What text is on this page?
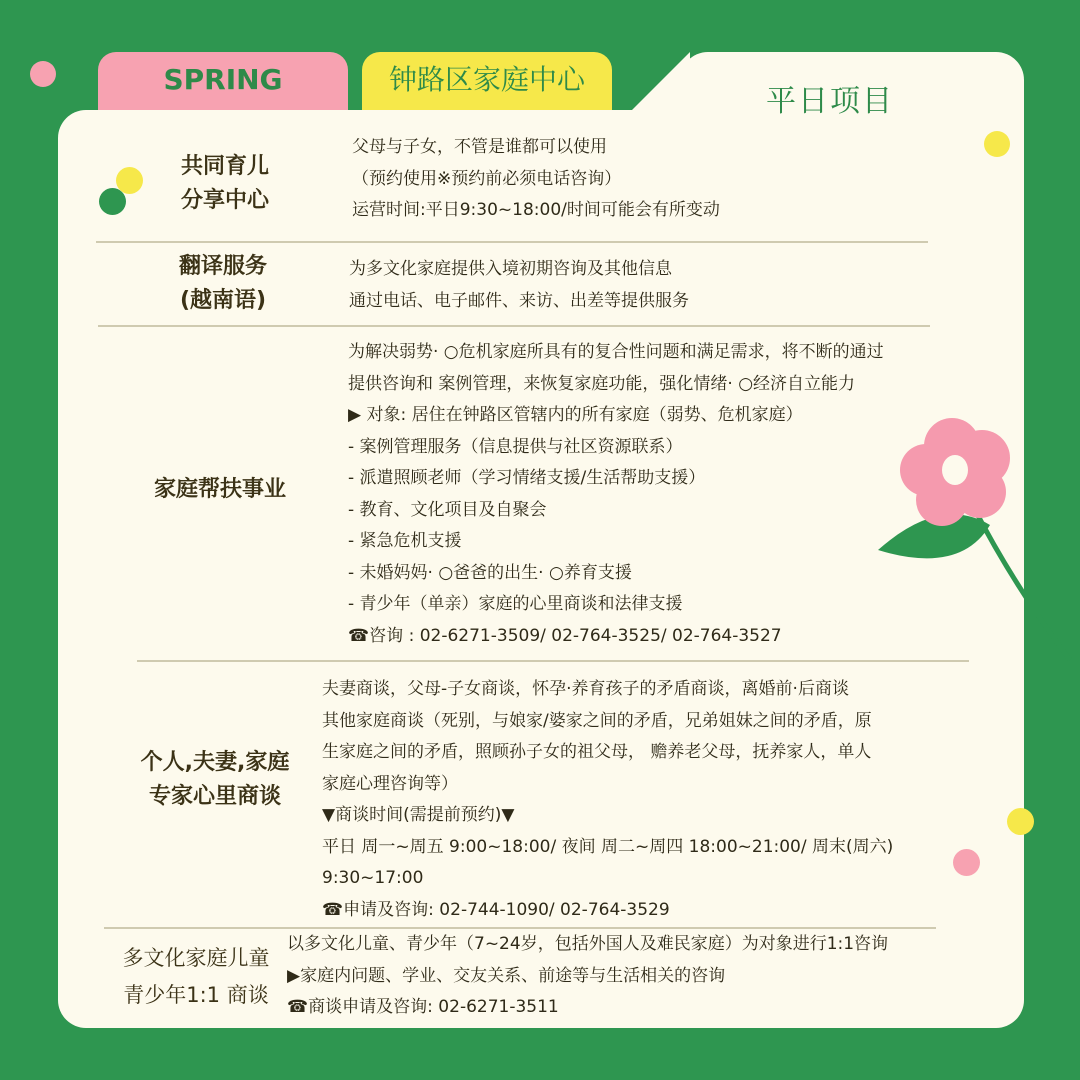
SPRING	钟路区家庭中心
平日项目
共同育儿
分享中心
父母与子女，不管是谁都可以使用
（预约使用※预约前必须电话咨询）
运营时间:平日9:30~18:00/时间可能会有所变动
翻译服务
(越南语)
为多文化家庭提供入境初期咨询及其他信息
通过电话、电子邮件、来访、出差等提供服务
家庭帮扶事业
为解决弱势· ○危机家庭所具有的复合性问题和满足需求，将不断的通过
提供咨询和 案例管理，来恢复家庭功能，强化情绪· ○经济自立能力
▶ 对象: 居住在钟路区管辖内的所有家庭（弱势、危机家庭）
- 案例管理服务（信息提供与社区资源联系）
- 派遣照顾老师（学习情绪支援/生活帮助支援）
- 教育、文化项目及自聚会
- 紧急危机支援
- 未婚妈妈· ○爸爸的出生· ○养育支援
- 青少年（单亲）家庭的心里商谈和法律支援
☎咨询 : 02-6271-3509/ 02-764-3525/ 02-764-3527
个人,夫妻,家庭
专家心里商谈
夫妻商谈，父母-子女商谈，怀孕·养育孩子的矛盾商谈，离婚前·后商谈
其他家庭商谈（死别，与娘家/婆家之间的矛盾，兄弟姐妹之间的矛盾，原
生家庭之间的矛盾，照顾孙子女的祖父母， 赡养老父母，抚养家人，单人
家庭心理咨询等）
▼商谈时间(需提前预约)▼
平日 周一~周五 9:00~18:00/ 夜间 周二~周四 18:00~21:00/ 周末(周六)
9:30~17:00
☎申请及咨询: 02-744-1090/ 02-764-3529
多文化家庭儿童
青少年1:1 商谈
以多文化儿童、青少年（7~24岁，包括外国人及难民家庭）为对象进行1:1咨询
▶家庭内问题、学业、交友关系、前途等与生活相关的咨询
☎商谈申请及咨询: 02-6271-3511
